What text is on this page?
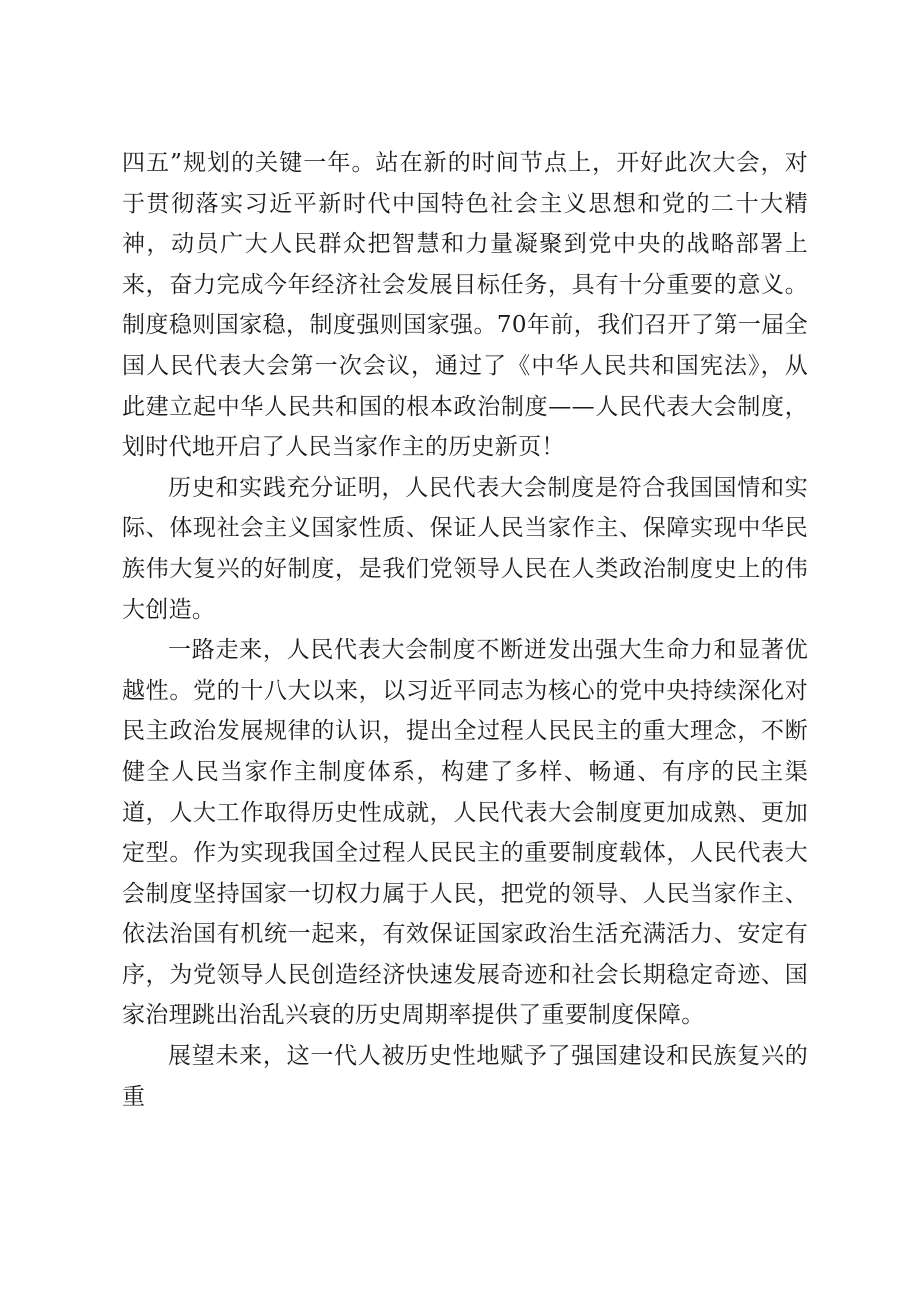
四五”规划的关键一年。站在新的时间节点上，开好此次大会，对于贯彻落实习近平新时代中国特色社会主义思想和党的二十大精神，动员广大人民群众把智慧和力量凝聚到党中央的战略部署上来，奋力完成今年经济社会发展目标任务，具有十分重要的意义。制度稳则国家稳，制度强则国家强。70年前，我们召开了第一届全国人民代表大会第一次会议，通过了《中华人民共和国宪法》，从此建立起中华人民共和国的根本政治制度——人民代表大会制度，划时代地开启了人民当家作主的历史新页！

历史和实践充分证明，人民代表大会制度是符合我国国情和实际、体现社会主义国家性质、保证人民当家作主、保障实现中华民族伟大复兴的好制度，是我们党领导人民在人类政治制度史上的伟大创造。

一路走来，人民代表大会制度不断迸发出强大生命力和显著优越性。党的十八大以来，以习近平同志为核心的党中央持续深化对民主政治发展规律的认识，提出全过程人民民主的重大理念，不断健全人民当家作主制度体系，构建了多样、畅通、有序的民主渠道，人大工作取得历史性成就，人民代表大会制度更加成熟、更加定型。作为实现我国全过程人民民主的重要制度载体，人民代表大会制度坚持国家一切权力属于人民，把党的领导、人民当家作主、依法治国有机统一起来，有效保证国家政治生活充满活力、安定有序，为党领导人民创造经济快速发展奇迹和社会长期稳定奇迹、国家治理跳出治乱兴衰的历史周期率提供了重要制度保障。

展望未来，这一代人被历史性地赋予了强国建设和民族复兴的重
